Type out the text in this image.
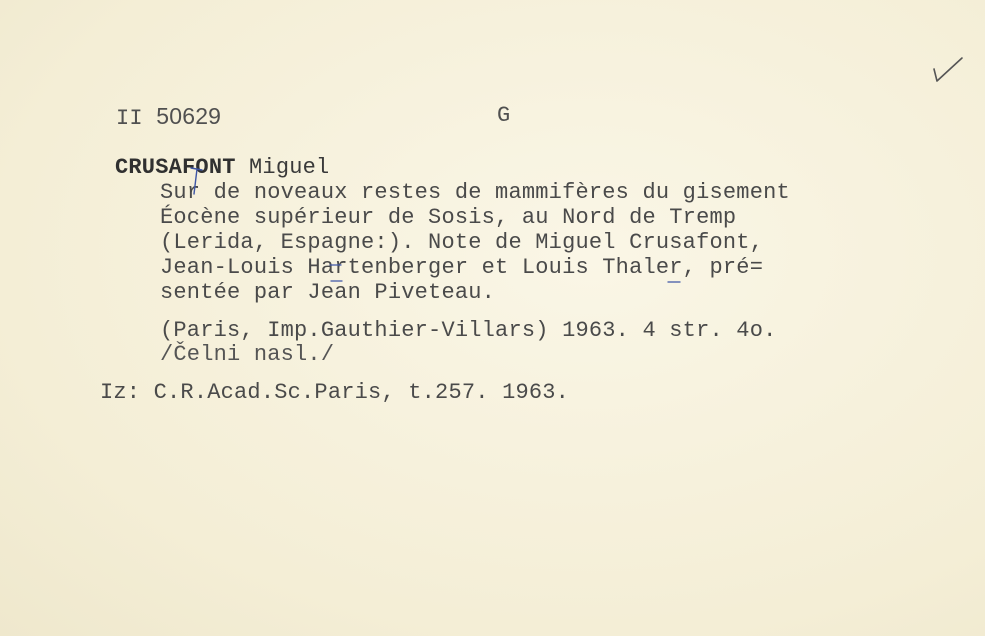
II 50629	G
CRUSAFONT Miguel
Sur de noveaux restes de mammifères du gisement
Éocène supérieur de Sosis, au Nord de Tremp
(Lerida, Espagne:). Note de Miguel Crusafont,
Jean-Louis Hartenberger et Louis Thaler, pré=
sentée par Jean Piveteau.
(Paris, Imp.Gauthier-Villars) 1963. 4 str. 4o.
/Čelni nasl./
Iz: C.R.Acad.Sc.Paris, t.257. 1963.
